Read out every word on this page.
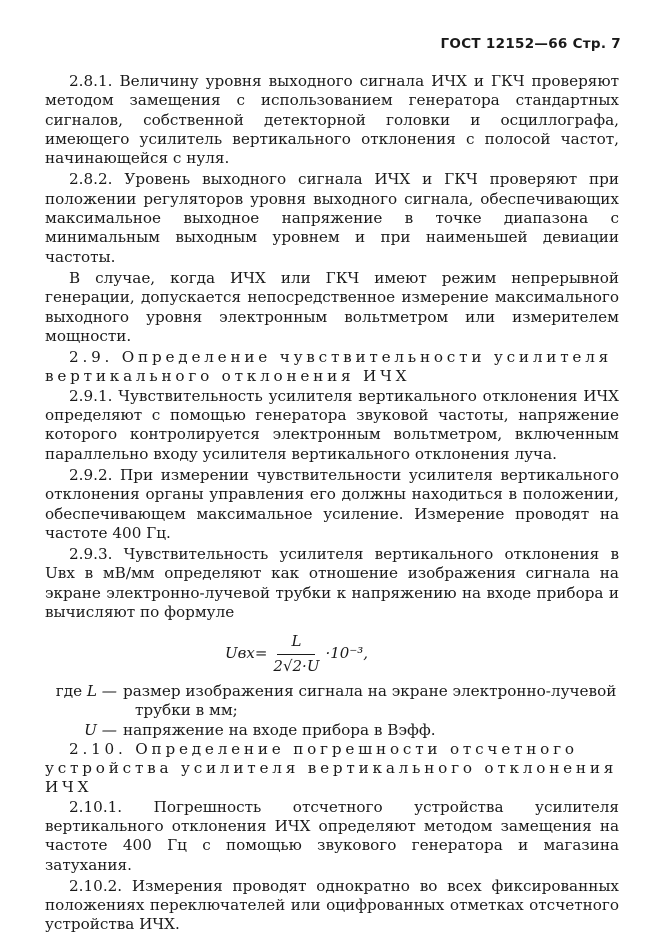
ГОСТ 12152—66 Стр. 7

2.8.1. Величину уровня выходного сигнала ИЧХ и ГКЧ проверяют методом замещения с использованием генератора стандартных сигналов, собственной детекторной головки и осциллографа, имеющего усилитель вертикального отклонения с полосой частот, начинающейся с нуля.

2.8.2. Уровень выходного сигнала ИЧХ и ГКЧ проверяют при положении регуляторов уровня выходного сигнала, обеспечивающих максимальное выходное напряжение в точке диапазона с минимальным выходным уровнем и при наименьшей девиации частоты.

В случае, когда ИЧХ или ГКЧ имеют режим непрерывной генерации, допускается непосредственное измерение максимального выходного уровня электронным вольтметром или измерителем мощности.

2.9. Определение чувствительности усилителя вертикального отклонения ИЧХ

2.9.1. Чувствительность усилителя вертикального отклонения ИЧХ определяют с помощью генератора звуковой частоты, напряжение которого контролируется электронным вольтметром, включенным параллельно входу усилителя вертикального отклонения луча.

2.9.2. При измерении чувствительности усилителя вертикального отклонения органы управления его должны находиться в положении, обеспечивающем максимальное усиление. Измерение проводят на частоте 400 Гц.

2.9.3. Чувствительность усилителя вертикального отклонения в Uвх в мВ/мм определяют как отношение изображения сигнала на экране электронно-лучевой трубки к напряжению на входе прибора и вычисляют по формуле

$Uвх= \frac{L}{2√2\cdot U} \cdot 10^{-3}$,
где L — размер изображения сигнала на экране электронно-лучевой

трубки в мм;

U — напряжение на входе прибора в Вэфф.

2.10. Определение погрешности отсчетного устройства усилителя вертикального отклонения ИЧХ

2.10.1. Погрешность отсчетного устройства усилителя вертикального отклонения ИЧХ определяют методом замещения на частоте 400 Гц с помощью звукового генератора и магазина затухания.

2.10.2. Измерения проводят однократно во всех фиксированных положениях переключателей или оцифрованных отметках отсчетного устройства ИЧХ.
